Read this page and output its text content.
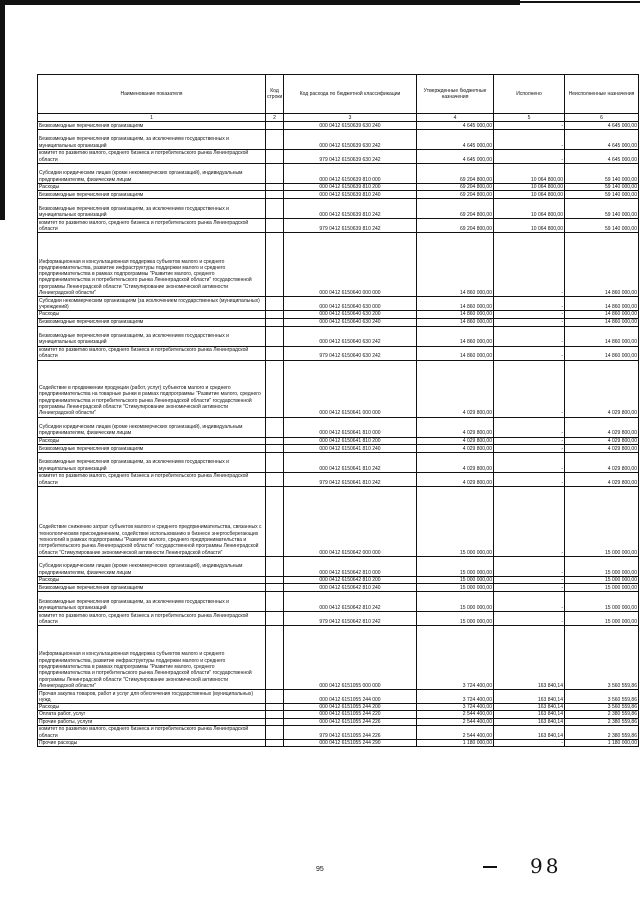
Наименование показателя	Код строки	Код расхода по бюджетной классификации	Утвержденные бюджетные назначения	Исполнено	Неисполненные назначения
1	2	3	4	5	6
Безвозмездные перечисления организациям		000 0412 6150639 630 240	4 645 000,00	-	4 645 000,00
Безвозмездные перечисления организациям, за исключением государственных и муниципальных организаций		000 0412 6150639 630 242	4 645 000,00	-	4 645 000,00
комитет по развитию малого, среднего бизнеса и потребительского рынка Ленинградской области		979 0412 6150639 630 242	4 645 000,00	-	4 645 000,00
Субсидии юридическим лицам (кроме некоммерческих организаций), индивидуальным предпринимателям, физическим лицам		000 0412 6150639 810 000	69 204 800,00	10 064 800,00	59 140 000,00
Расходы		000 0412 6150639 810 200	69 204 800,00	10 064 800,00	59 140 000,00
Безвозмездные перечисления организациям		000 0412 6150639 810 240	69 204 800,00	10 064 800,00	59 140 000,00
Безвозмездные перечисления организациям, за исключением государственных и муниципальных организаций		000 0412 6150639 810 242	69 204 800,00	10 064 800,00	59 140 000,00
комитет по развитию малого, среднего бизнеса и потребительского рынка Ленинградской области		979 0412 6150639 810 242	69 204 800,00	10 064 800,00	59 140 000,00
Информационная и консультационная поддержка субъектов малого и среднего предпринимательства, развитие инфраструктуры поддержки малого и среднего предпринимательства в рамках подпрограммы "Развитие малого, среднего предпринимательства и потребительского рынка Ленинградской области" государственной программы Ленинградской области "Стимулирование экономической активности Ленинградской области"		000 0412 6150640 000 000	14 860 000,00	-	14 860 000,00
Субсидии некоммерческим организациям (за исключением государственных (муниципальных) учреждений)		000 0412 6150640 630 000	14 860 000,00	-	14 860 000,00
Расходы		000 0412 6150640 630 200	14 860 000,00	-	14 860 000,00
Безвозмездные перечисления организациям		000 0412 6150640 630 240	14 860 000,00	-	14 860 000,00
Безвозмездные перечисления организациям, за исключением государственных и муниципальных организаций		000 0412 6150640 630 242	14 860 000,00	-	14 860 000,00
комитет по развитию малого, среднего бизнеса и потребительского рынка Ленинградской области		979 0412 6150640 630 242	14 860 000,00	-	14 860 000,00
Содействие в продвижении продукции (работ, услуг) субъектов малого и среднего предпринимательства на товарные рынки в рамках подпрограммы "Развитие малого, среднего предпринимательства и потребительского рынка Ленинградской области" государственной программы Ленинградской области "Стимулирование экономической активности Ленинградской области"		000 0412 6150641 000 000	4 029 800,00	-	4 029 800,00
Субсидии юридическим лицам (кроме некоммерческих организаций), индивидуальным предпринимателям, физическим лицам		000 0412 6150641 810 000	4 029 800,00	-	4 029 800,00
Расходы		000 0412 6150641 810 200	4 029 800,00	-	4 029 800,00
Безвозмездные перечисления организациям		000 0412 6150641 810 240	4 029 800,00	-	4 029 800,00
Безвозмездные перечисления организациям, за исключением государственных и муниципальных организаций		000 0412 6150641 810 242	4 029 800,00	-	4 029 800,00
комитет по развитию малого, среднего бизнеса и потребительского рынка Ленинградской области		979 0412 6150641 810 242	4 029 800,00	-	4 029 800,00
Содействие снижению затрат субъектов малого и среднего предпринимательства, связанных с технологическим присоединением, содействие использованию в бизнесе энергосберегающих технологий в рамках подпрограммы "Развитие малого, среднего предпринимательства и потребительского рынка Ленинградской области" государственной программы Ленинградской области "Стимулирование экономической активности Ленинградской области"		000 0412 6150642 000 000	15 000 000,00	-	15 000 000,00
Субсидии юридическим лицам (кроме некоммерческих организаций), индивидуальным предпринимателям, физическим лицам		000 0412 6150642 810 000	15 000 000,00	-	15 000 000,00
Расходы		000 0412 6150642 810 200	15 000 000,00	-	15 000 000,00
Безвозмездные перечисления организациям		000 0412 6150642 810 240	15 000 000,00	-	15 000 000,00
Безвозмездные перечисления организациям, за исключением государственных и муниципальных организаций		000 0412 6150642 810 242	15 000 000,00	-	15 000 000,00
комитет по развитию малого, среднего бизнеса и потребительского рынка Ленинградской области		979 0412 6150642 810 242	15 000 000,00	-	15 000 000,00
Информационная и консультационная поддержка субъектов малого и среднего предпринимательства, развитие инфраструктуры поддержки малого и среднего предпринимательства в рамках подпрограммы "Развитие малого, среднего предпринимательства и потребительского рынка Ленинградской области" государственной программы Ленинградской области "Стимулирование экономической активности Ленинградской области"		000 0412 6151055 000 000	3 724 400,00	163 840,14	3 560 559,86
Прочая закупка товаров, работ и услуг для обеспечения государственных (муниципальных) нужд		000 0412 6151055 244 000	3 724 400,00	163 840,14	3 560 559,86
Расходы		000 0412 6151055 244 200	3 724 400,00	163 840,14	3 560 559,86
Оплата работ, услуг		000 0412 6151055 244 220	2 544 400,00	163 840,14	2 380 559,86
Прочие работы, услуги		000 0412 6151055 244 226	2 544 400,00	163 840,14	2 380 559,86
комитет по развитию малого, среднего бизнеса и потребительского рынка Ленинградской области		979 0412 6151055 244 226	2 544 400,00	163 840,14	2 380 559,86
Прочие расходы		000 0412 6151055 244 290	1 180 000,00	-	1 180 000,00
95	98
